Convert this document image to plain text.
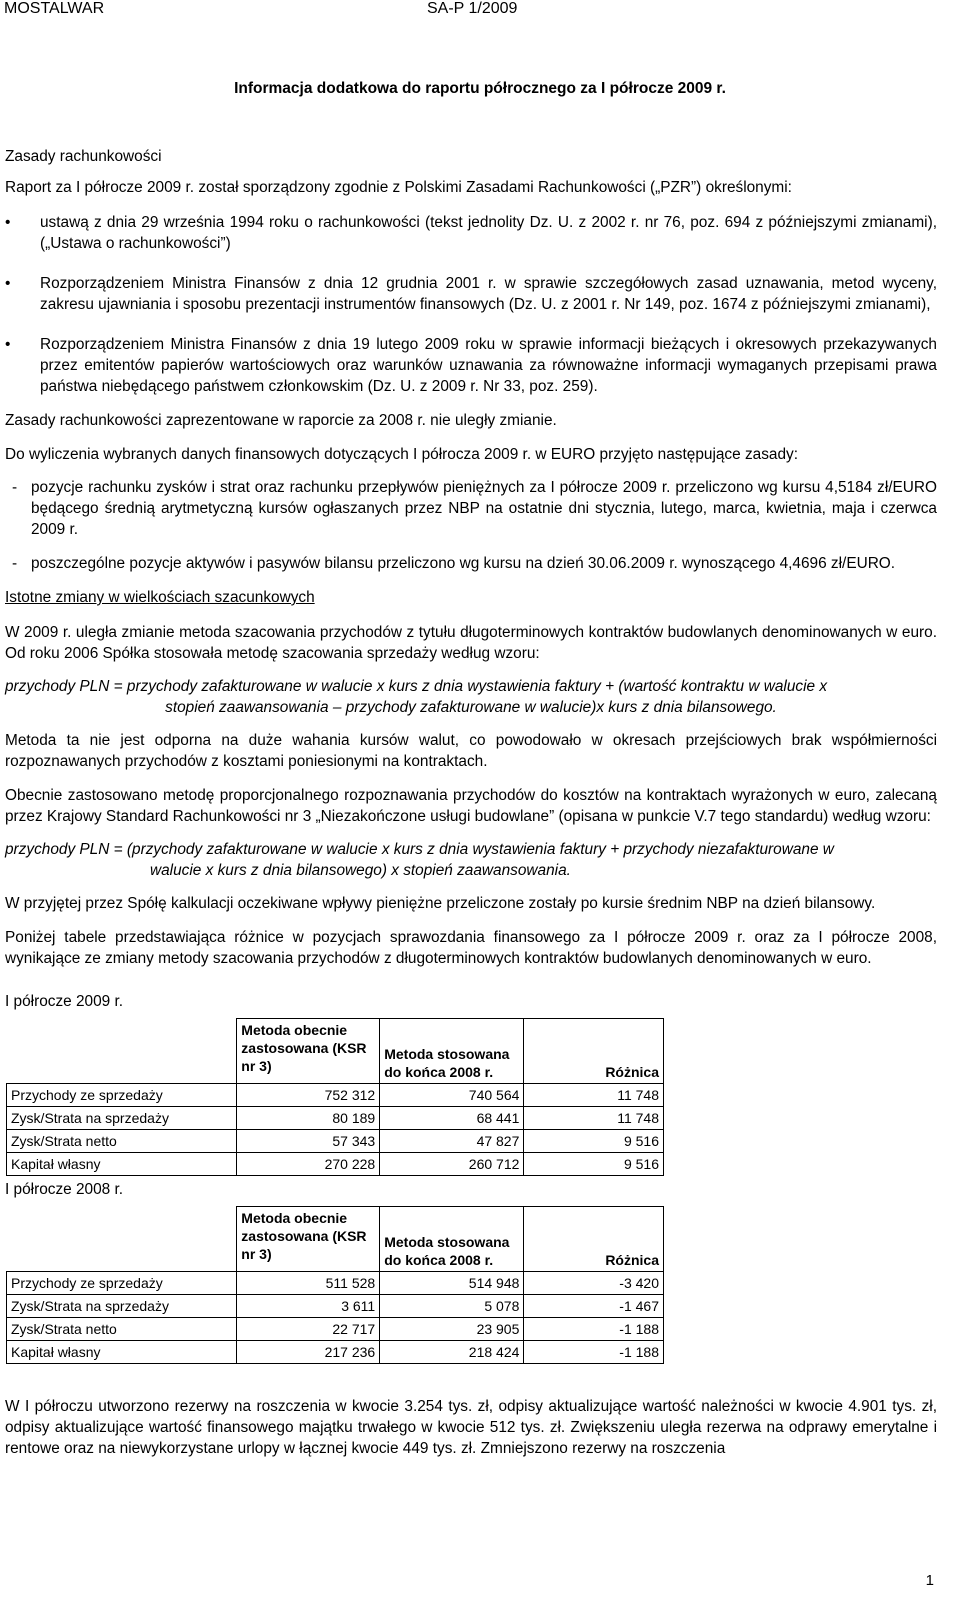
MOSTALWAR	SA-P 1/2009
Informacja dodatkowa do raportu półrocznego za I półrocze 2009 r.

Zasady rachunkowości

Raport za I półrocze 2009 r. został sporządzony zgodnie z Polskimi Zasadami Rachunkowości („PZR”) określonymi:

• ustawą z dnia 29 września 1994 roku o rachunkowości (tekst jednolity Dz. U. z 2002 r. nr 76, poz. 694 z późniejszymi zmianami), („Ustawa o rachunkowości”)
• Rozporządzeniem Ministra Finansów z dnia 12 grudnia 2001 r. w sprawie szczegółowych zasad uznawania, metod wyceny, zakresu ujawniania i sposobu prezentacji instrumentów finansowych (Dz. U. z 2001 r. Nr 149, poz. 1674 z późniejszymi zmianami),
• Rozporządzeniem Ministra Finansów z dnia 19 lutego 2009 roku w sprawie informacji bieżących i okresowych przekazywanych przez emitentów papierów wartościowych oraz warunków uznawania za równoważne informacji wymaganych przepisami prawa państwa niebędącego państwem członkowskim (Dz. U. z 2009 r. Nr 33, poz. 259).

Zasady rachunkowości zaprezentowane w raporcie za 2008 r. nie uległy zmianie.

Do wyliczenia wybranych danych finansowych dotyczących I półrocza 2009 r. w EURO przyjęto następujące zasady:

- pozycje rachunku zysków i strat oraz rachunku przepływów pieniężnych za I półrocze 2009 r. przeliczono wg kursu 4,5184 zł/EURO będącego średnią arytmetyczną kursów ogłaszanych przez NBP na ostatnie dni stycznia, lutego, marca, kwietnia, maja i czerwca 2009 r.
- poszczególne pozycje aktywów i pasywów bilansu przeliczono wg kursu na dzień 30.06.2009 r. wynoszącego 4,4696 zł/EURO.

Istotne zmiany w wielkościach szacunkowych

W 2009 r. uległa zmianie metoda szacowania przychodów z tytułu długoterminowych kontraktów budowlanych denominowanych w euro. Od roku 2006 Spółka stosowała metodę szacowania sprzedaży według wzoru:

przychody PLN = przychody zafakturowane w walucie x kurs z dnia wystawienia faktury + (wartość kontraktu w walucie x

stopień zaawansowania – przychody zafakturowane w walucie)x kurs z dnia bilansowego.

Metoda ta nie jest odporna na duże wahania kursów walut, co powodowało w okresach przejściowych brak współmierności rozpoznawanych przychodów z kosztami poniesionymi na kontraktach.

Obecnie zastosowano metodę proporcjonalnego rozpoznawania przychodów do kosztów na kontraktach wyrażonych w euro, zalecaną przez Krajowy Standard Rachunkowości nr 3 „Niezakończone usługi budowlane” (opisana w punkcie V.7 tego standardu) według wzoru:

przychody PLN = (przychody zafakturowane w walucie x kurs z dnia wystawienia faktury + przychody niezafakturowane w

walucie x kurs z dnia bilansowego) x stopień zaawansowania.

W przyjętej przez Spółę kalkulacji oczekiwane wpływy pieniężne przeliczone zostały po kursie średnim NBP na dzień bilansowy.

Poniżej tabele przedstawiająca różnice w pozycjach sprawozdania finansowego za I półrocze 2009 r. oraz za I półrocze 2008, wynikające ze zmiany metody szacowania przychodów z długoterminowych kontraktów budowlanych denominowanych w euro.

I półrocze 2009 r.

	Metoda obecnie zastosowana (KSR nr 3)	Metoda stosowana do końca 2008 r.	Różnica
Przychody ze sprzedaży	752 312	740 564	11 748
Zysk/Strata na sprzedaży	80 189	68 441	11 748
Zysk/Strata netto	57 343	47 827	9 516
Kapitał własny	270 228	260 712	9 516

I półrocze 2008 r.

	Metoda obecnie zastosowana (KSR nr 3)	Metoda stosowana do końca 2008 r.	Różnica
Przychody ze sprzedaży	511 528	514 948	-3 420
Zysk/Strata na sprzedaży	3 611	5 078	-1 467
Zysk/Strata netto	22 717	23 905	-1 188
Kapitał własny	217 236	218 424	-1 188

W I półroczu utworzono rezerwy na roszczenia w kwocie 3.254 tys. zł, odpisy aktualizujące wartość należności w kwocie 4.901 tys. zł, odpisy aktualizujące wartość finansowego majątku trwałego w kwocie 512 tys. zł. Zwiększeniu uległa rezerwa na odprawy emerytalne i rentowe oraz na niewykorzystane urlopy w łącznej kwocie 449 tys. zł. Zmniejszono rezerwy na roszczenia

1
